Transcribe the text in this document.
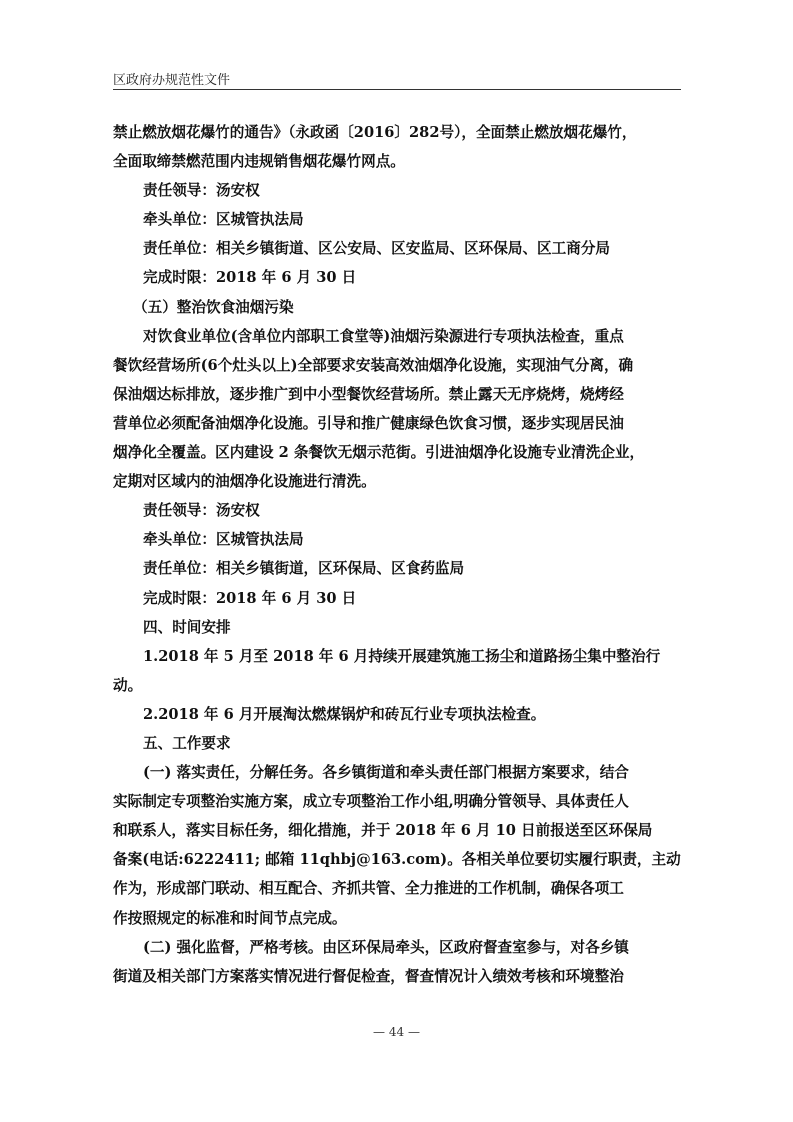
区政府办规范性文件
禁止燃放烟花爆竹的通告》（永政函〔2016〕282号），全面禁止燃放烟花爆竹，
全面取缔禁燃范围内违规销售烟花爆竹网点。
责任领导：汤安权
牵头单位：区城管执法局
责任单位：相关乡镇街道、区公安局、区安监局、区环保局、区工商分局
完成时限：2018 年 6 月 30 日
（五）整治饮食油烟污染
对饮食业单位(含单位内部职工食堂等)油烟污染源进行专项执法检查，重点
餐饮经营场所(6个灶头以上)全部要求安装高效油烟净化设施，实现油气分离，确
保油烟达标排放，逐步推广到中小型餐饮经营场所。禁止露天无序烧烤，烧烤经
营单位必须配备油烟净化设施。引导和推广健康绿色饮食习惯，逐步实现居民油
烟净化全覆盖。区内建设 2 条餐饮无烟示范街。引进油烟净化设施专业清洗企业，
定期对区域内的油烟净化设施进行清洗。
责任领导：汤安权
牵头单位：区城管执法局
责任单位：相关乡镇街道，区环保局、区食药监局
完成时限：2018 年 6 月 30 日
四、时间安排
1.2018 年 5 月至 2018 年 6 月持续开展建筑施工扬尘和道路扬尘集中整治行
动。
2.2018 年 6 月开展淘汰燃煤锅炉和砖瓦行业专项执法检查。
五、工作要求
(一) 落实责任，分解任务。各乡镇街道和牵头责任部门根据方案要求，结合
实际制定专项整治实施方案，成立专项整治工作小组,明确分管领导、具体责任人
和联系人，落实目标任务，细化措施，并于 2018 年 6 月 10 日前报送至区环保局
备案(电话:6222411; 邮箱 11qhbj@163.com)。各相关单位要切实履行职责，主动
作为，形成部门联动、相互配合、齐抓共管、全力推进的工作机制，确保各项工
作按照规定的标准和时间节点完成。
(二) 强化监督，严格考核。由区环保局牵头，区政府督查室参与，对各乡镇
街道及相关部门方案落实情况进行督促检查，督查情况计入绩效考核和环境整治
— 44 —
